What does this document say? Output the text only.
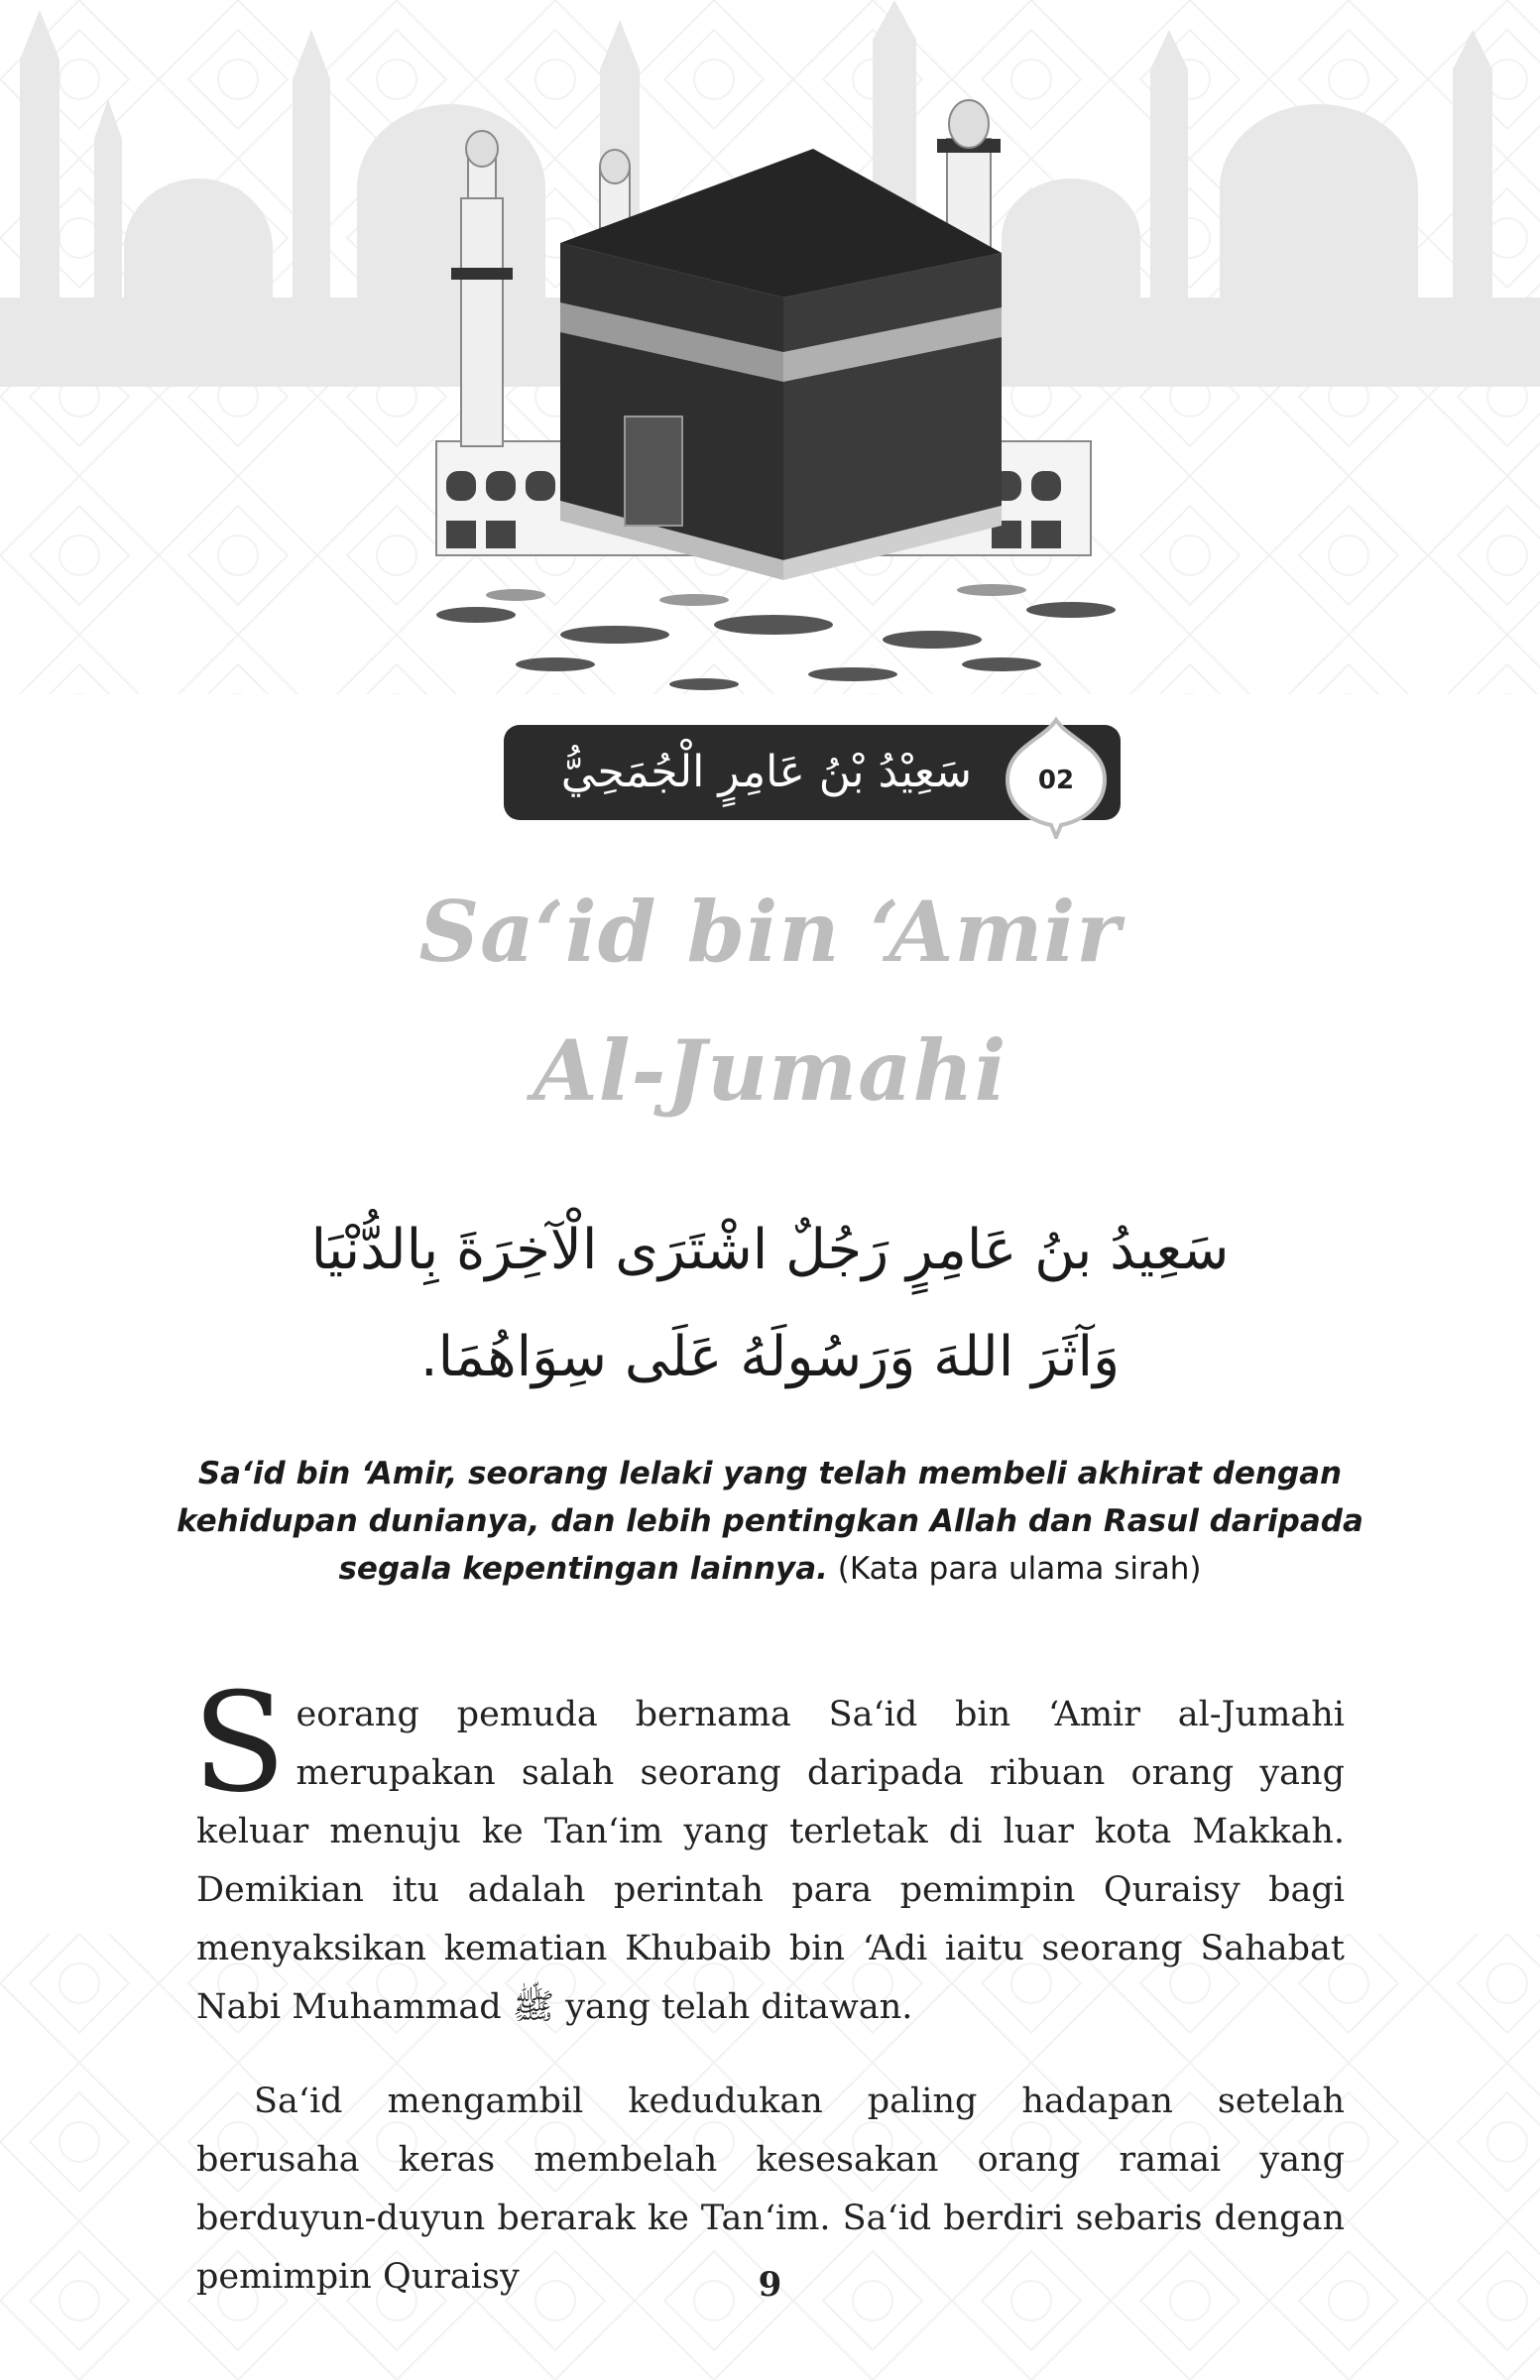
سَعِيْدُ بْنُ عَامِرٍ الْجُمَحِيُّ	02
Sa‘id bin ‘Amir
Al-Jumahi
سَعِيدُ بنُ عَامِرٍ رَجُلٌ اشْتَرَى الْآخِرَةَ بِالدُّنْيَا
وَآثَرَ اللهَ وَرَسُولَهُ عَلَى سِوَاهُمَا.
Sa‘id bin ‘Amir, seorang lelaki yang telah membeli akhirat dengan kehidupan dunianya, dan lebih pentingkan Allah dan Rasul daripada segala kepentingan lainnya. (Kata para ulama sirah)

Seorang pemuda bernama Sa‘id bin ‘Amir al-Jumahi merupakan salah seorang daripada ribuan orang yang keluar menuju ke Tan‘im yang terletak di luar kota Makkah. Demikian itu adalah perintah para pemimpin Quraisy bagi menyaksikan kematian Khubaib bin ‘Adi iaitu seorang Sahabat Nabi Muhammad ﷺ yang telah ditawan.

Sa‘id mengambil kedudukan paling hadapan setelah berusaha keras membelah kesesakan orang ramai yang berduyun-duyun berarak ke Tan‘im. Sa‘id berdiri sebaris dengan pemimpin Quraisy	9
